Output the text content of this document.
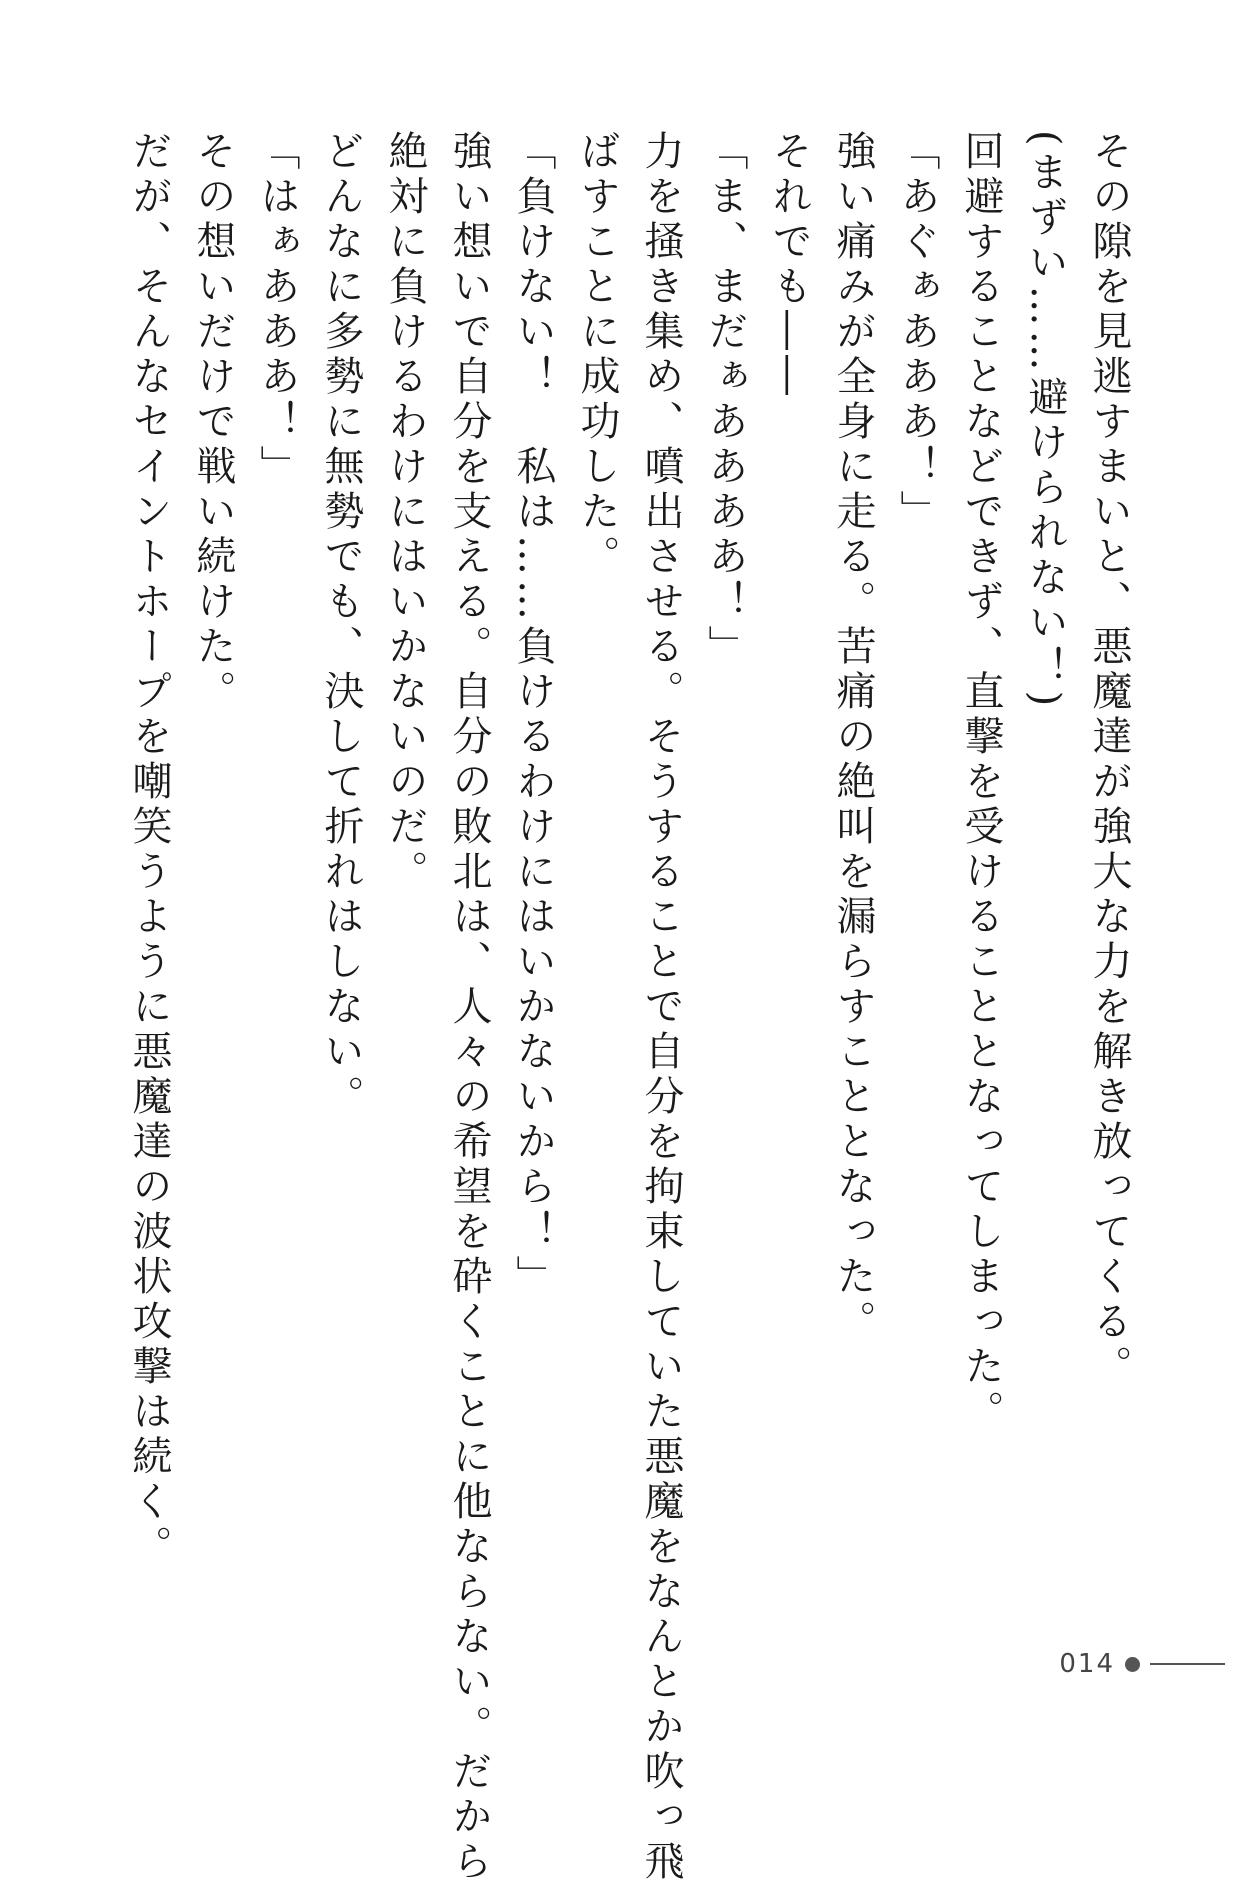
その隙を見逃すまいと、悪魔達が強大な力を解き放ってくる。
(まずい……避けられない！)
回避することなどできず、直撃を受けることとなってしまった。
「あぐぁあああ！」
強い痛みが全身に走る。苦痛の絶叫を漏らすこととなった。
それでも――
「ま、まだぁああああ！」
力を掻き集め、噴出させる。そうすることで自分を拘束していた悪魔をなんとか吹っ飛
ばすことに成功した。
「負けない！　私は……負けるわけにはいかないから！」
強い想いで自分を支える。自分の敗北は、人々の希望を砕くことに他ならない。だから
絶対に負けるわけにはいかないのだ。
どんなに多勢に無勢でも、決して折れはしない。
「はぁあああ！」
その想いだけで戦い続けた。
だが、そんなセイントホープを嘲笑うように悪魔達の波状攻撃は続く。
014
